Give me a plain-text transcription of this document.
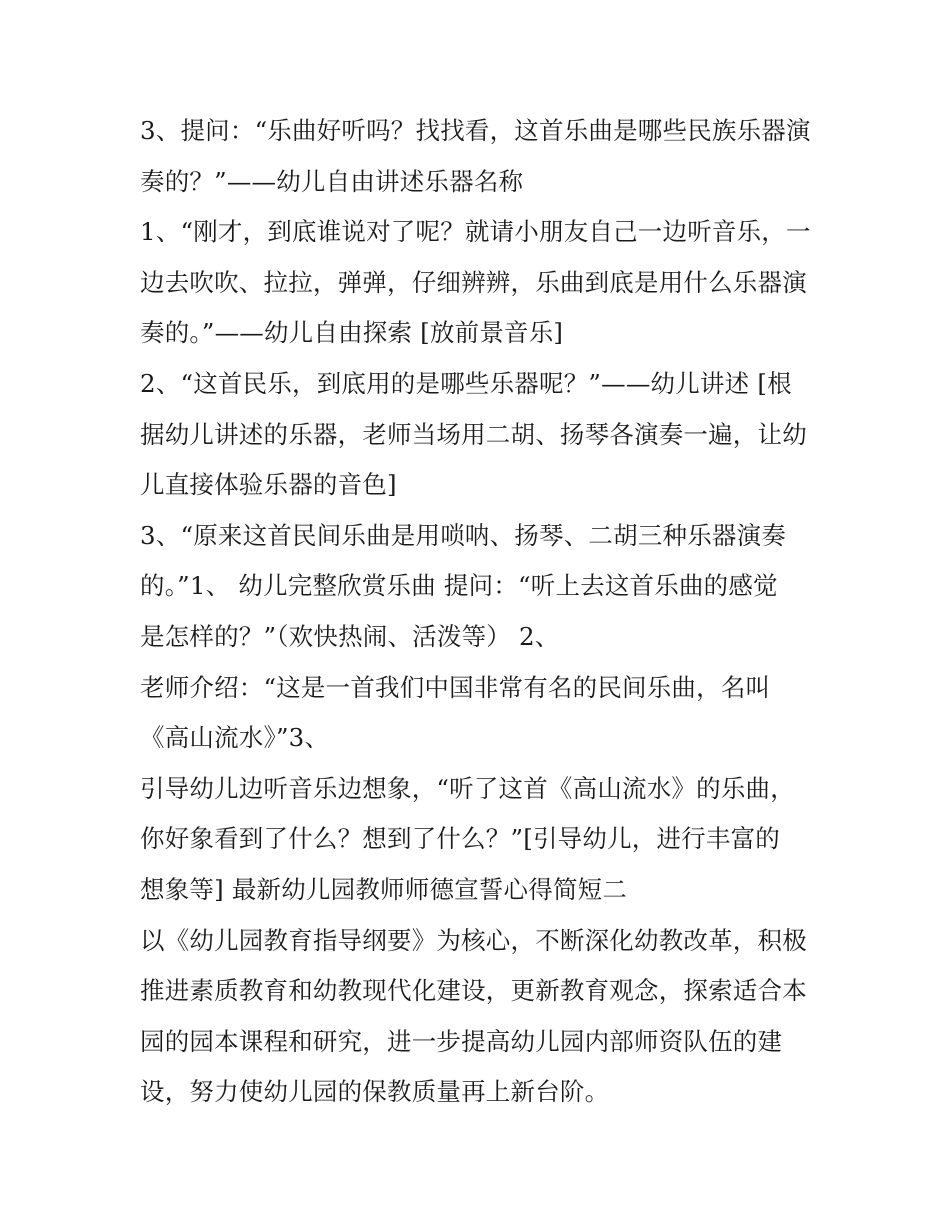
3、提问：“乐曲好听吗？找找看，这首乐曲是哪些民族乐器演
奏的？”——幼儿自由讲述乐器名称
1、“刚才，到底谁说对了呢？就请小朋友自己一边听音乐，一
边去吹吹、拉拉，弹弹，仔细辨辨，乐曲到底是用什么乐器演
奏的。”——幼儿自由探索 [放前景音乐]
2、“这首民乐，到底用的是哪些乐器呢？”——幼儿讲述 [根
据幼儿讲述的乐器，老师当场用二胡、扬琴各演奏一遍，让幼
儿直接体验乐器的音色]
3、“原来这首民间乐曲是用唢呐、扬琴、二胡三种乐器演奏
的。”1、 幼儿完整欣赏乐曲 提问：“听上去这首乐曲的感觉
是怎样的？”（欢快热闹、活泼等） 2、
老师介绍：“这是一首我们中国非常有名的民间乐曲，名叫
《高山流水》”3、
引导幼儿边听音乐边想象，“听了这首《高山流水》的乐曲，
你好象看到了什么？想到了什么？”[引导幼儿，进行丰富的
想象等] 最新幼儿园教师师德宣誓心得简短二
以《幼儿园教育指导纲要》为核心，不断深化幼教改革，积极
推进素质教育和幼教现代化建设，更新教育观念，探索适合本
园的园本课程和研究，进一步提高幼儿园内部师资队伍的建
设，努力使幼儿园的保教质量再上新台阶。
